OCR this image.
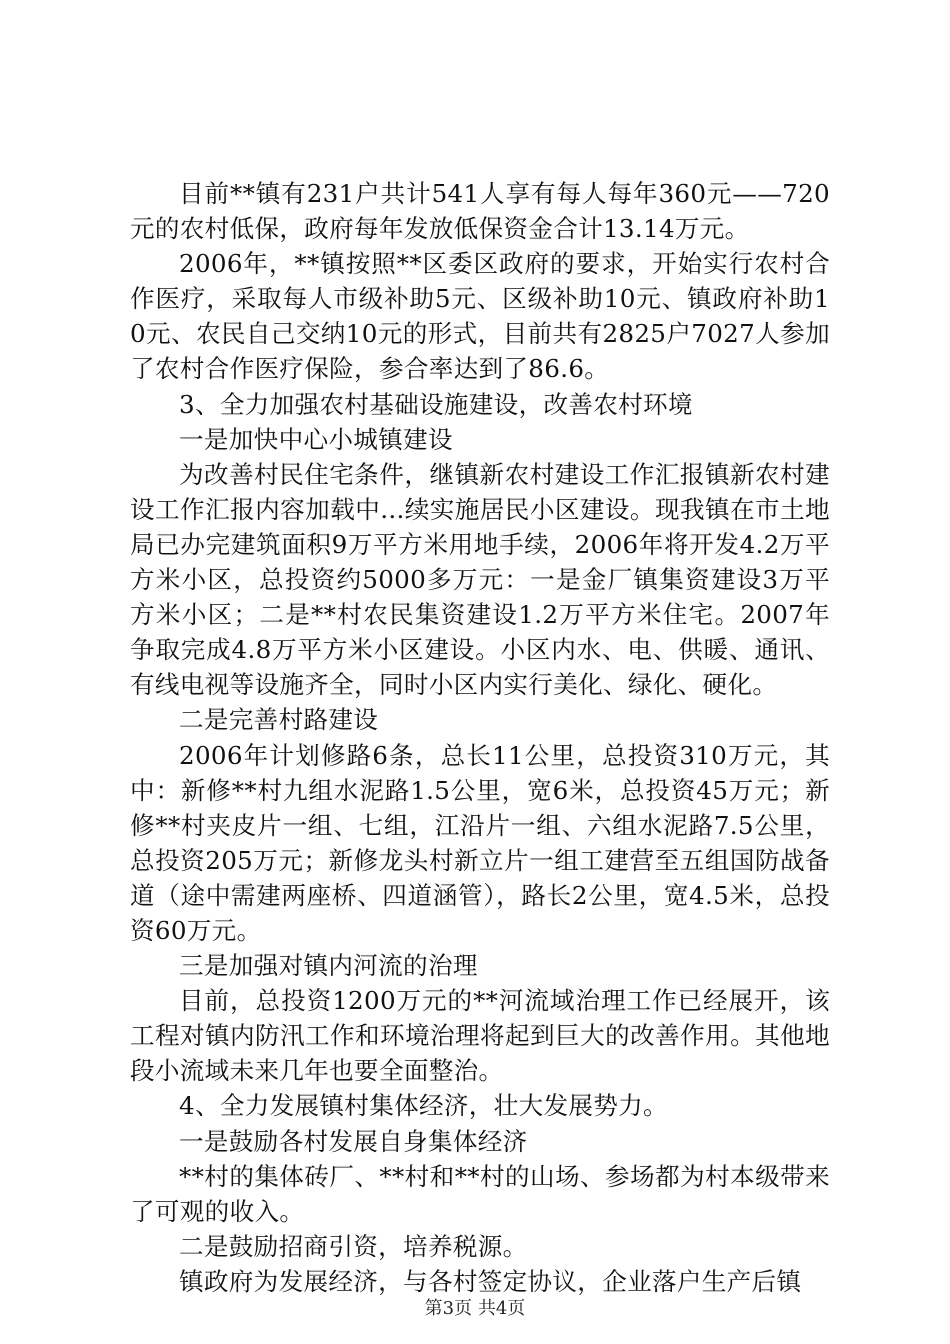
目前**镇有231户共计541人享有每人每年360元——720元的农村低保，政府每年发放低保资金合计13.14万元。

2006年，**镇按照**区委区政府的要求，开始实行农村合作医疗，采取每人市级补助5元、区级补助10元、镇政府补助10元、农民自己交纳10元的形式，目前共有2825户7027人参加了农村合作医疗保险，参合率达到了86.6。

3、全力加强农村基础设施建设，改善农村环境

一是加快中心小城镇建设

为改善村民住宅条件，继镇新农村建设工作汇报镇新农村建设工作汇报内容加载中...续实施居民小区建设。现我镇在市土地局已办完建筑面积9万平方米用地手续，2006年将开发4.2万平方米小区，总投资约5000多万元：一是金厂镇集资建设3万平方米小区；二是**村农民集资建设1.2万平方米住宅。2007年争取完成4.8万平方米小区建设。小区内水、电、供暖、通讯、有线电视等设施齐全，同时小区内实行美化、绿化、硬化。

二是完善村路建设

2006年计划修路6条，总长11公里，总投资310万元，其中：新修**村九组水泥路1.5公里，宽6米，总投资45万元；新修**村夹皮片一组、七组，江沿片一组、六组水泥路7.5公里，总投资205万元；新修龙头村新立片一组工建营至五组国防战备道（途中需建两座桥、四道涵管），路长2公里，宽4.5米，总投资60万元。

三是加强对镇内河流的治理

目前，总投资1200万元的**河流域治理工作已经展开，该工程对镇内防汛工作和环境治理将起到巨大的改善作用。其他地段小流域未来几年也要全面整治。

4、全力发展镇村集体经济，壮大发展势力。

一是鼓励各村发展自身集体经济

**村的集体砖厂、**村和**村的山场、参场都为村本级带来了可观的收入。

二是鼓励招商引资，培养税源。

镇政府为发展经济，与各村签定协议，企业落户生产后镇

第3页 共4页
